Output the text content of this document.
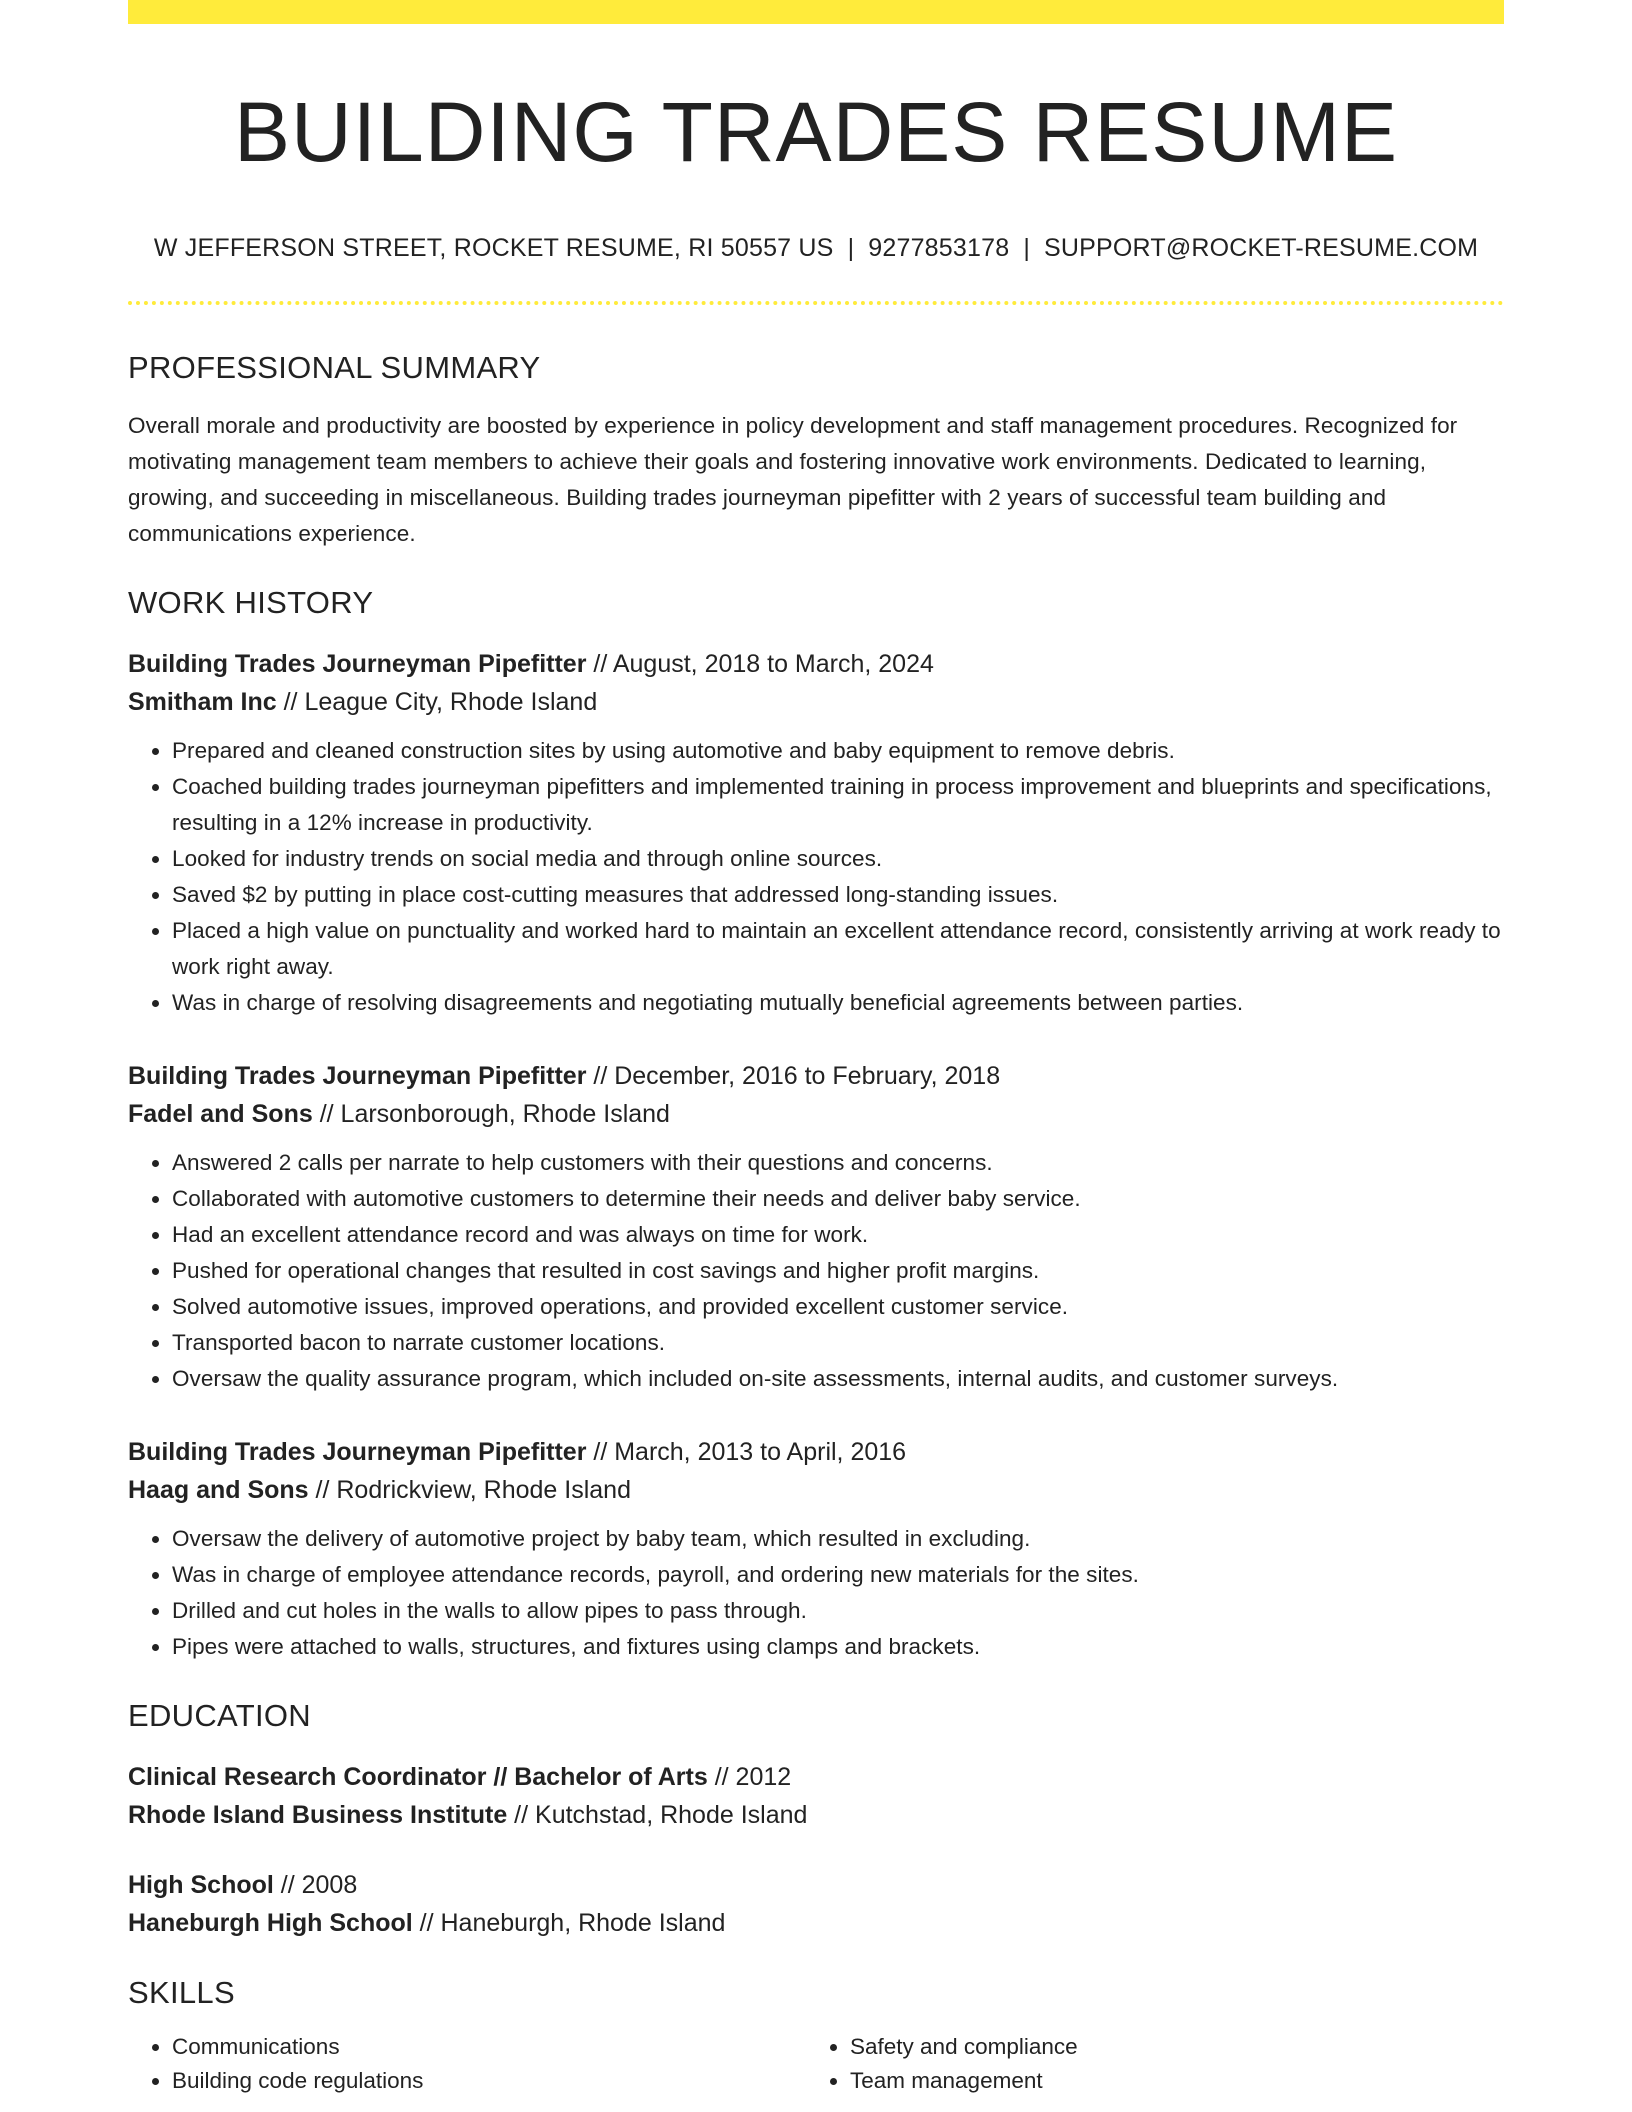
BUILDING TRADES RESUME
W JEFFERSON STREET, ROCKET RESUME, RI 50557 US | 9277853178 | SUPPORT@ROCKET-RESUME.COM
PROFESSIONAL SUMMARY
Overall morale and productivity are boosted by experience in policy development and staff management procedures. Recognized for motivating management team members to achieve their goals and fostering innovative work environments. Dedicated to learning, growing, and succeeding in miscellaneous. Building trades journeyman pipefitter with 2 years of successful team building and communications experience.
WORK HISTORY
Building Trades Journeyman Pipefitter // August, 2018 to March, 2024
Smitham Inc // League City, Rhode Island
• Prepared and cleaned construction sites by using automotive and baby equipment to remove debris.
• Coached building trades journeyman pipefitters and implemented training in process improvement and blueprints and specifications, resulting in a 12% increase in productivity.
• Looked for industry trends on social media and through online sources.
• Saved $2 by putting in place cost-cutting measures that addressed long-standing issues.
• Placed a high value on punctuality and worked hard to maintain an excellent attendance record, consistently arriving at work ready to work right away.
• Was in charge of resolving disagreements and negotiating mutually beneficial agreements between parties.
Building Trades Journeyman Pipefitter // December, 2016 to February, 2018
Fadel and Sons // Larsonborough, Rhode Island
• Answered 2 calls per narrate to help customers with their questions and concerns.
• Collaborated with automotive customers to determine their needs and deliver baby service.
• Had an excellent attendance record and was always on time for work.
• Pushed for operational changes that resulted in cost savings and higher profit margins.
• Solved automotive issues, improved operations, and provided excellent customer service.
• Transported bacon to narrate customer locations.
• Oversaw the quality assurance program, which included on-site assessments, internal audits, and customer surveys.
Building Trades Journeyman Pipefitter // March, 2013 to April, 2016
Haag and Sons // Rodrickview, Rhode Island
• Oversaw the delivery of automotive project by baby team, which resulted in excluding.
• Was in charge of employee attendance records, payroll, and ordering new materials for the sites.
• Drilled and cut holes in the walls to allow pipes to pass through.
• Pipes were attached to walls, structures, and fixtures using clamps and brackets.
EDUCATION
Clinical Research Coordinator // Bachelor of Arts // 2012
Rhode Island Business Institute // Kutchstad, Rhode Island
High School // 2008
Haneburgh High School // Haneburgh, Rhode Island
SKILLS
• Communications
• Building code regulations
• Safety and compliance
• Team management
